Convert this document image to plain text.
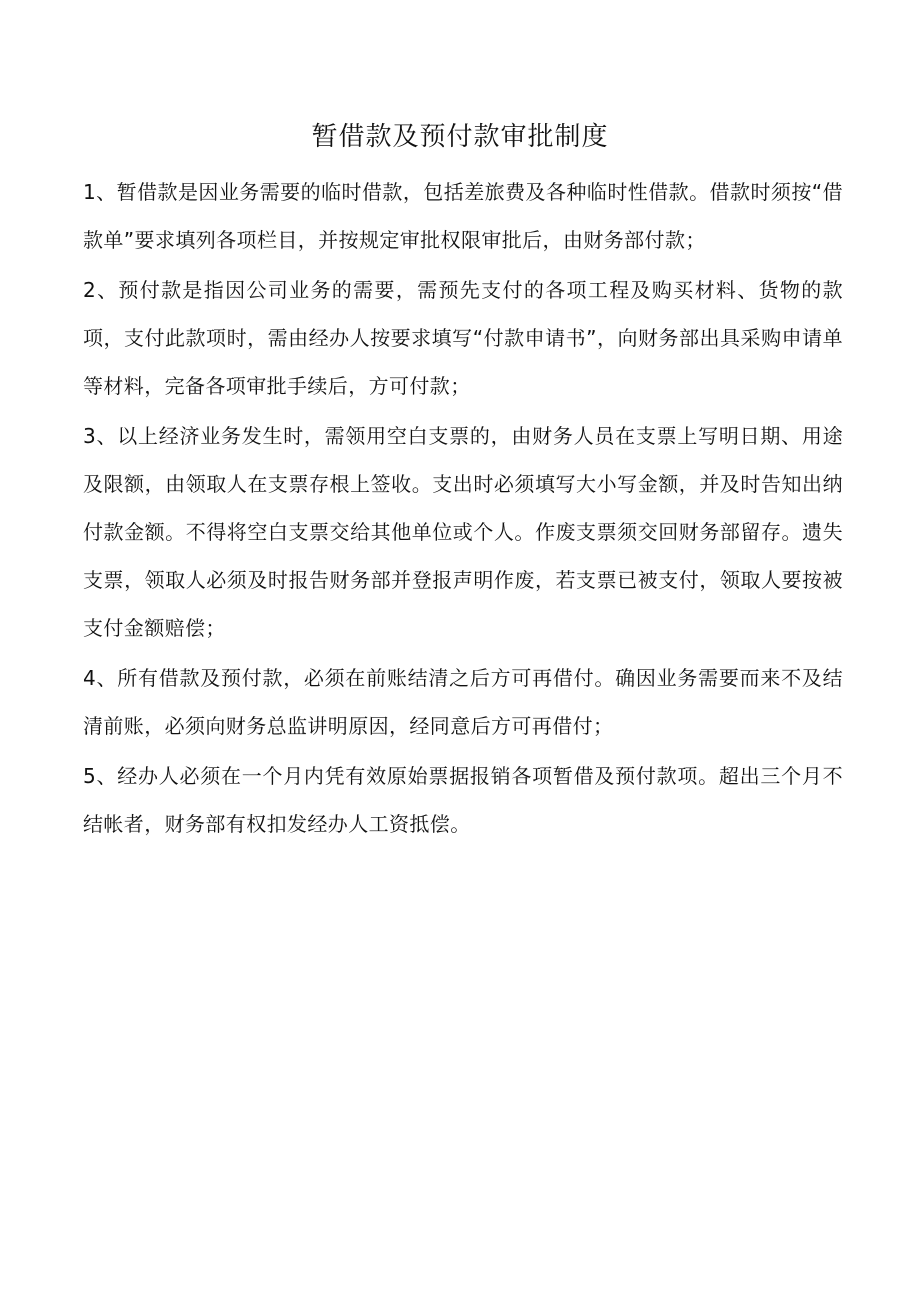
暂借款及预付款审批制度

1、暂借款是因业务需要的临时借款，包括差旅费及各种临时性借款。借款时须按“借款单”要求填列各项栏目，并按规定审批权限审批后，由财务部付款；

2、预付款是指因公司业务的需要，需预先支付的各项工程及购买材料、货物的款项，支付此款项时，需由经办人按要求填写“付款申请书”，向财务部出具采购申请单等材料，完备各项审批手续后，方可付款；

3、以上经济业务发生时，需领用空白支票的，由财务人员在支票上写明日期、用途及限额，由领取人在支票存根上签收。支出时必须填写大小写金额，并及时告知出纳付款金额。不得将空白支票交给其他单位或个人。作废支票须交回财务部留存。遗失支票，领取人必须及时报告财务部并登报声明作废，若支票已被支付，领取人要按被支付金额赔偿；

4、所有借款及预付款，必须在前账结清之后方可再借付。确因业务需要而来不及结清前账，必须向财务总监讲明原因，经同意后方可再借付；

5、经办人必须在一个月内凭有效原始票据报销各项暂借及预付款项。超出三个月不结帐者，财务部有权扣发经办人工资抵偿。
